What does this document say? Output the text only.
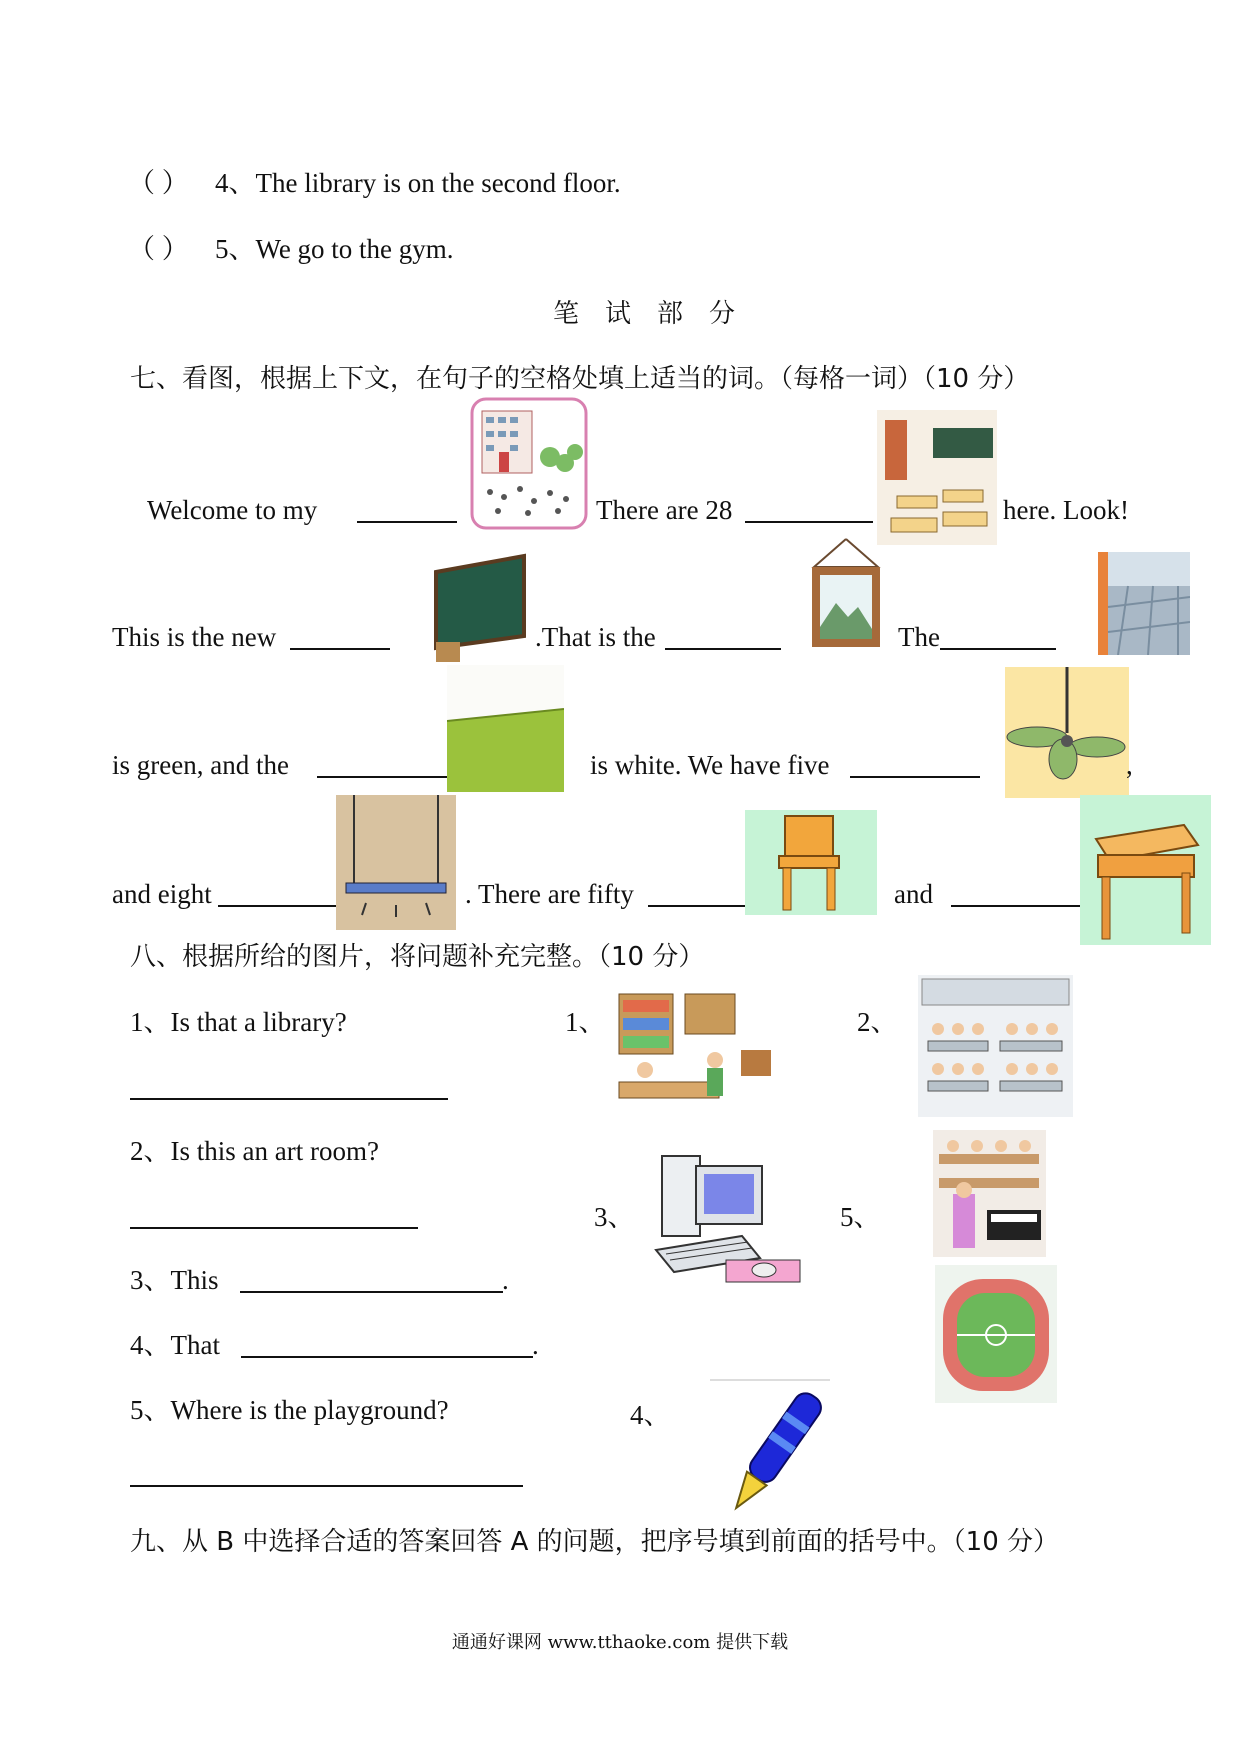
（ ） 4、The library is on the second floor.
（ ） 5、We go to the gym.
笔　试　部　分
七、看图，根据上下文，在句子的空格处填上适当的词。（每格一词）（10 分）
Welcome to my	There are 28	here. Look!
This is the new	.That is the	The
is green, and the	is white. We have five	,
and eight	. There are fifty	and
八、根据所给的图片，将问题补充完整。（10 分）
1、Is that a library?
2、Is this an art room?
3、This	.
4、That	.
5、Where is the playground?
1、	2、
3、	5、
4、
九、从 B 中选择合适的答案回答 A 的问题，把序号填到前面的括号中。（10 分）
通通好课网 www.tthaoke.com 提供下载
